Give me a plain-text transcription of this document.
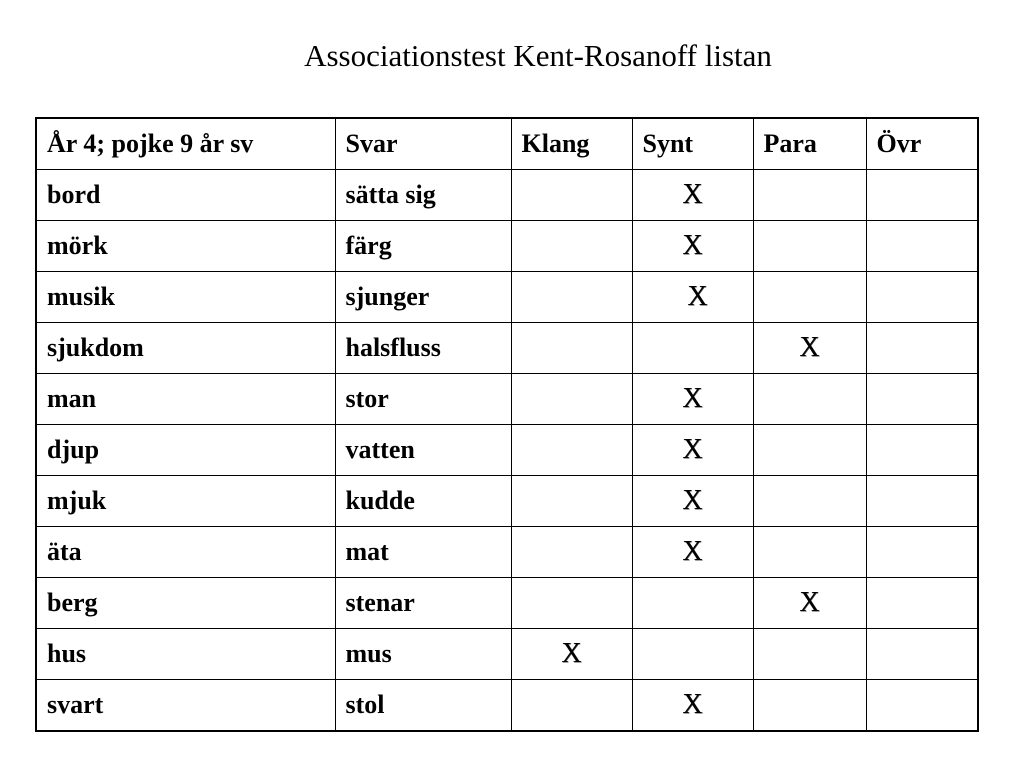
Associationstest Kent-Rosanoff listan
År 4; pojke 9 år sv	Svar	Klang	Synt	Para	Övr
bord	sätta sig		X		
mörk	färg		X		
musik	sjunger		X		
sjukdom	halsfluss			X	
man	stor		X		
djup	vatten		X		
mjuk	kudde		X		
äta	mat		X		
berg	stenar			X	
hus	mus	X			
svart	stol		X		
